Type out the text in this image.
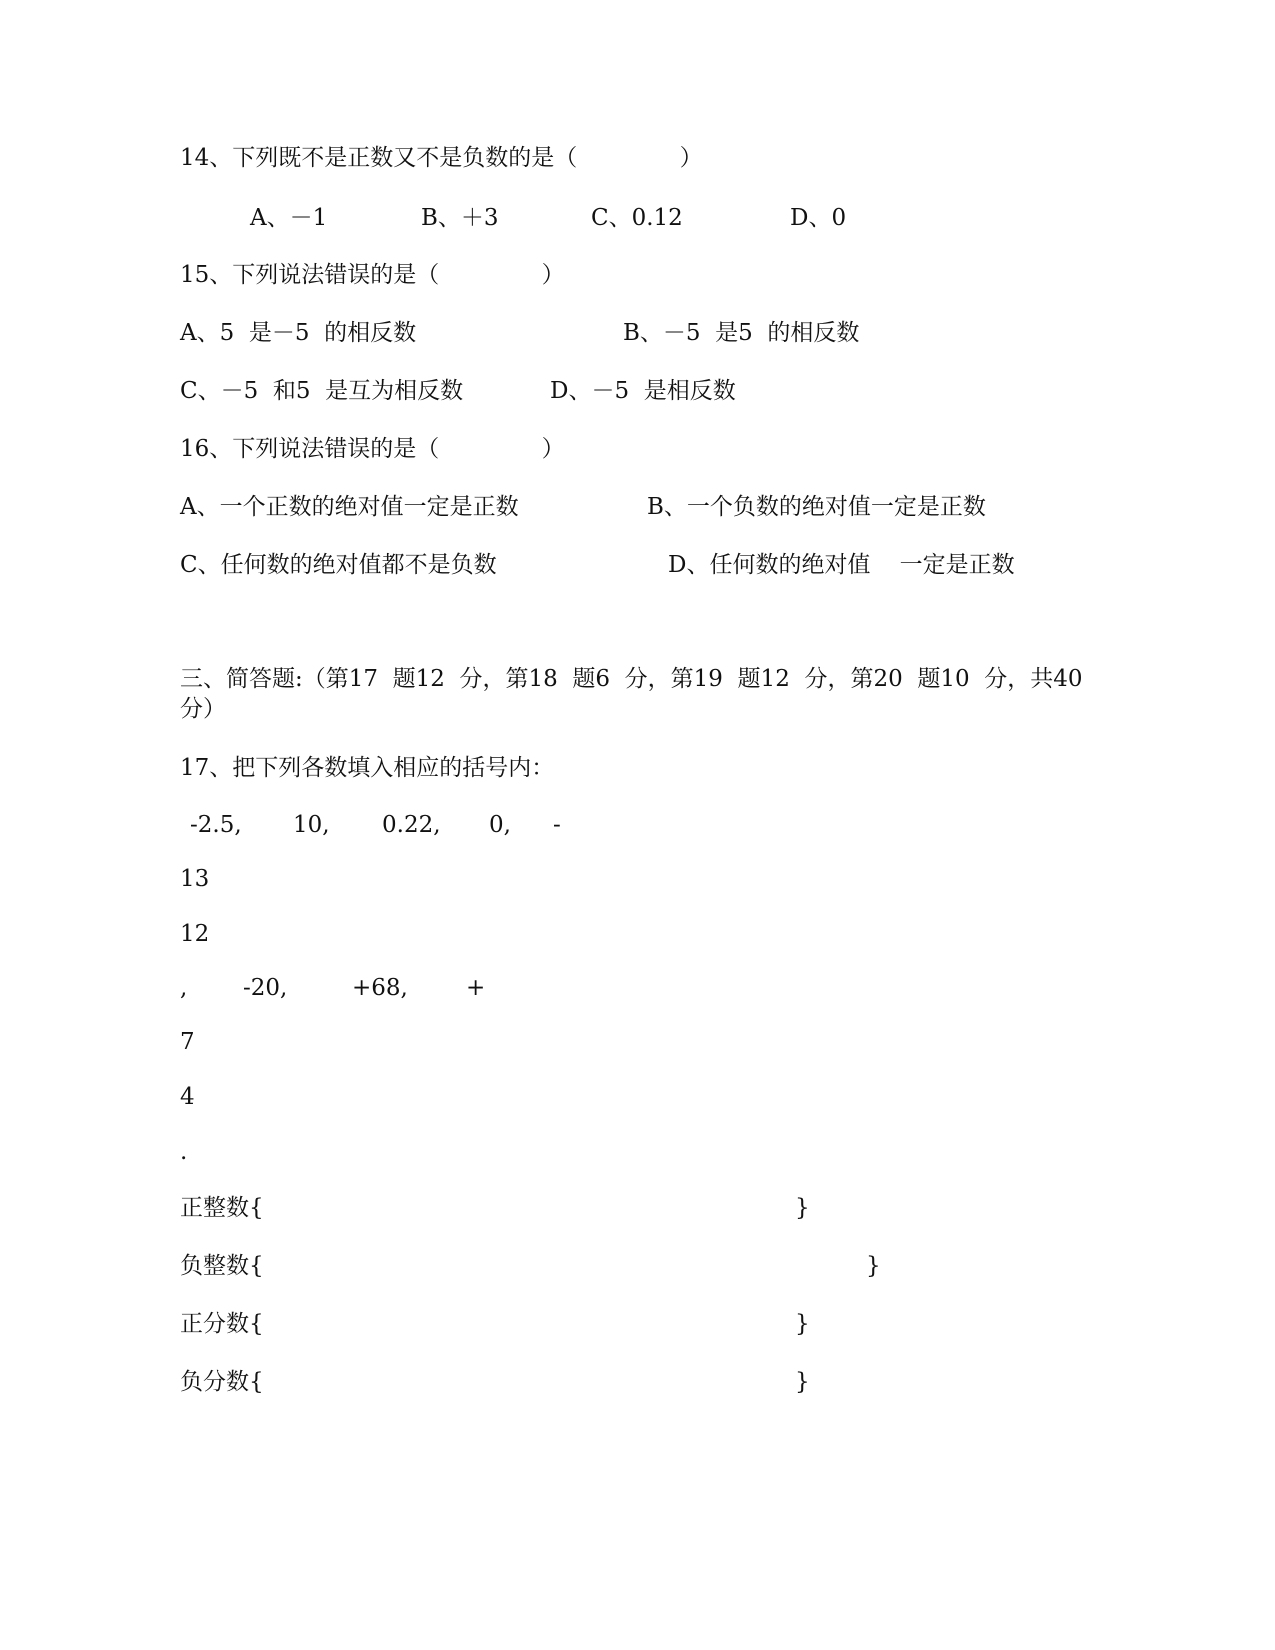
14、下列既不是正数又不是负数的是（              ）
A、－1	B、＋3	C、0.12	D、0
15、下列说法错误的是（              ）
A、5  是－5  的相反数	B、－5  是5  的相反数
C、－5  和5  是互为相反数	D、－5  是相反数
16、下列说法错误的是（              ）
A、一个正数的绝对值一定是正数	B、一个负数的绝对值一定是正数
C、任何数的绝对值都不是负数	D、任何数的绝对值    一定是正数
三、简答题:（第17  题12  分，第18  题6  分，第19  题12  分，第20  题10  分，共40
分）
17、把下列各数填入相应的括号内：
-2.5, 10, 0.22, 0, -
13
12
, -20,	+68,	+
7
4
.
正整数{	}
负整数{	}
正分数{	}
负分数{	}
